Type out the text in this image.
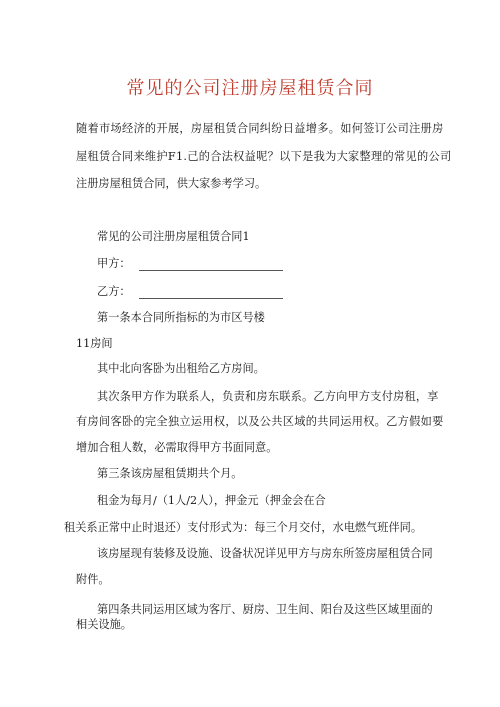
常见的公司注册房屋租赁合同
随着市场经济的开展，房屋租赁合同纠纷日益增多。如何签订公司注册房
屋租赁合同来维护F1.己的合法权益呢？以下是我为大家整理的常见的公司
注册房屋租赁合同，供大家参考学习。
常见的公司注册房屋租赁合同1
甲方：
乙方：
第一条本合同所指标的为市区号楼
11房间
其中北向客卧为出租给乙方房间。
其次条甲方作为联系人，负责和房东联系。乙方向甲方支付房租，享
有房间客卧的完全独立运用权，以及公共区域的共同运用权。乙方假如要
增加合租人数，必需取得甲方书面同意。
第三条该房屋租赁期共个月。
租金为每月/（1人/2人），押金元（押金会在合
租关系正常中止时退还）支付形式为：每三个月交付，水电燃气班伴同。
该房屋现有装修及设施、设备状况详见甲方与房东所签房屋租赁合同
附件。
第四条共同运用区域为客厅、厨房、卫生间、阳台及这些区域里面的
相关设施。
